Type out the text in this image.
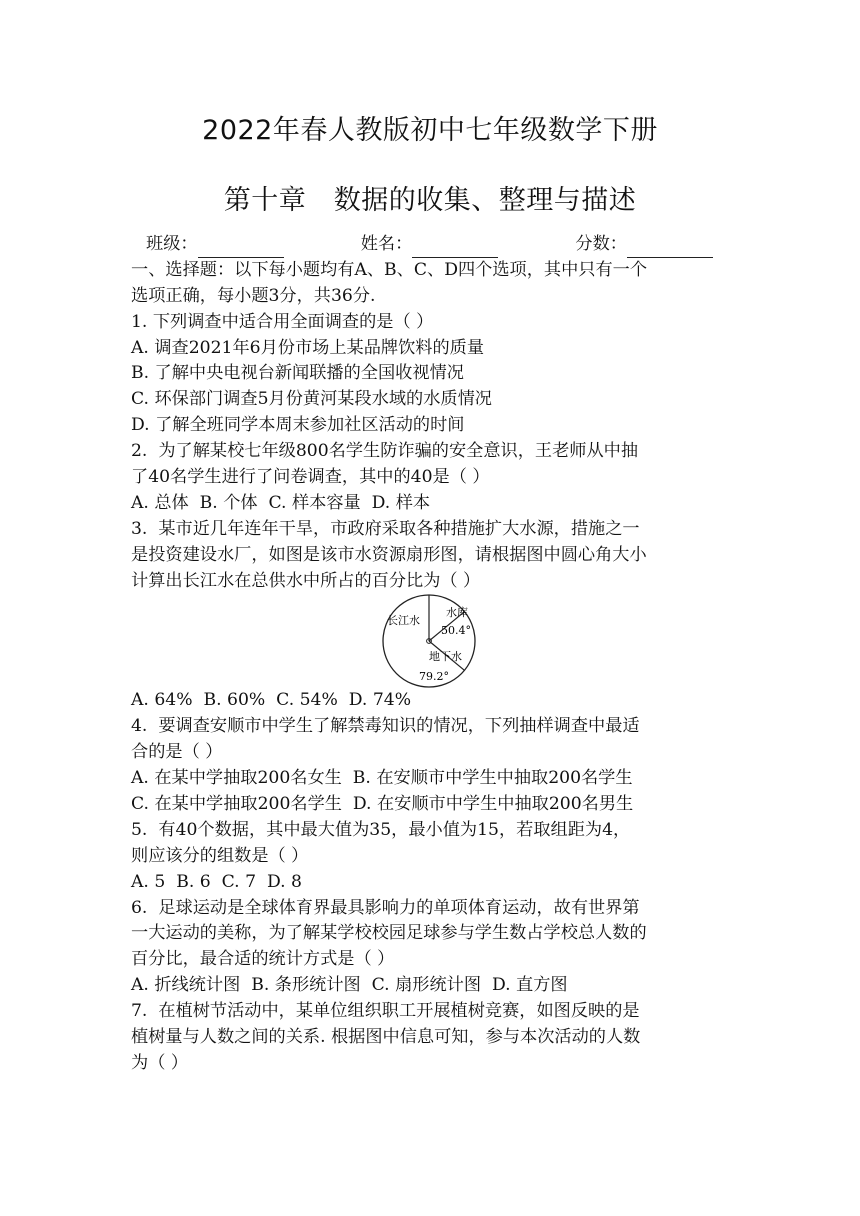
2022年春人教版初中七年级数学下册
第十章　数据的收集、整理与描述
班级：	姓名：	分数：
一、选择题：以下每小题均有A、B、C、D四个选项，其中只有一个
选项正确，每小题3分，共36分.
1. 下列调查中适合用全面调查的是（ ）
A. 调查2021年6月份市场上某品牌饮料的质量
B. 了解中央电视台新闻联播的全国收视情况
C. 环保部门调查5月份黄河某段水域的水质情况
D. 了解全班同学本周末参加社区活动的时间
2.  为了解某校七年级800名学生防诈骗的安全意识，王老师从中抽
了40名学生进行了问卷调查，其中的40是（ ）
A. 总体  B. 个体  C. 样本容量  D. 样本
3.  某市近几年连年干旱，市政府采取各种措施扩大水源，措施之一
是投资建设水厂，如图是该市水资源扇形图，请根据图中圆心角大小
计算出长江水在总供水中所占的百分比为（ ）
长江水
水库
50.4°
地下水
79.2°
A. 64%  B. 60%  C. 54%  D. 74%
4.  要调查安顺市中学生了解禁毒知识的情况，下列抽样调查中最适
合的是（ ）
A. 在某中学抽取200名女生  B. 在安顺市中学生中抽取200名学生
C. 在某中学抽取200名学生  D. 在安顺市中学生中抽取200名男生
5.  有40个数据，其中最大值为35，最小值为15，若取组距为4，
则应该分的组数是（ ）
A. 5  B. 6  C. 7  D. 8
6.  足球运动是全球体育界最具影响力的单项体育运动，故有世界第
一大运动的美称，为了解某学校校园足球参与学生数占学校总人数的
百分比，最合适的统计方式是（ ）
A. 折线统计图  B. 条形统计图  C. 扇形统计图  D. 直方图
7.  在植树节活动中，某单位组织职工开展植树竞赛，如图反映的是
植树量与人数之间的关系. 根据图中信息可知，参与本次活动的人数
为（ ）
